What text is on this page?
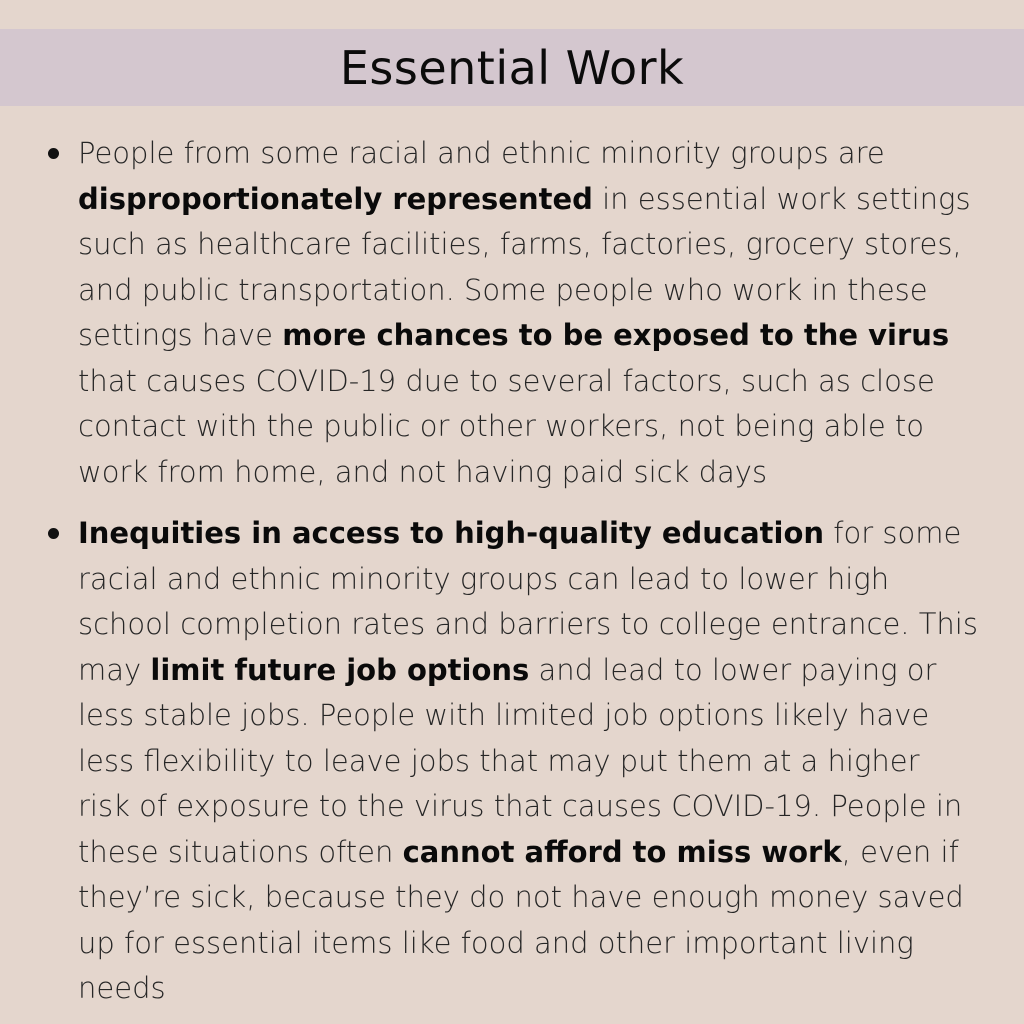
Essential Work
People from some racial and ethnic minority groups are disproportionately represented in essential work settings such as healthcare facilities, farms, factories, grocery stores, and public transportation. Some people who work in these settings have more chances to be exposed to the virus that causes COVID-19 due to several factors, such as close contact with the public or other workers, not being able to work from home, and not having paid sick days
Inequities in access to high-quality education for some racial and ethnic minority groups can lead to lower high school completion rates and barriers to college entrance. This may limit future job options and lead to lower paying or less stable jobs. People with limited job options likely have less flexibility to leave jobs that may put them at a higher risk of exposure to the virus that causes COVID-19. People in these situations often cannot afford to miss work, even if they’re sick, because they do not have enough money saved up for essential items like food and other important living needs
